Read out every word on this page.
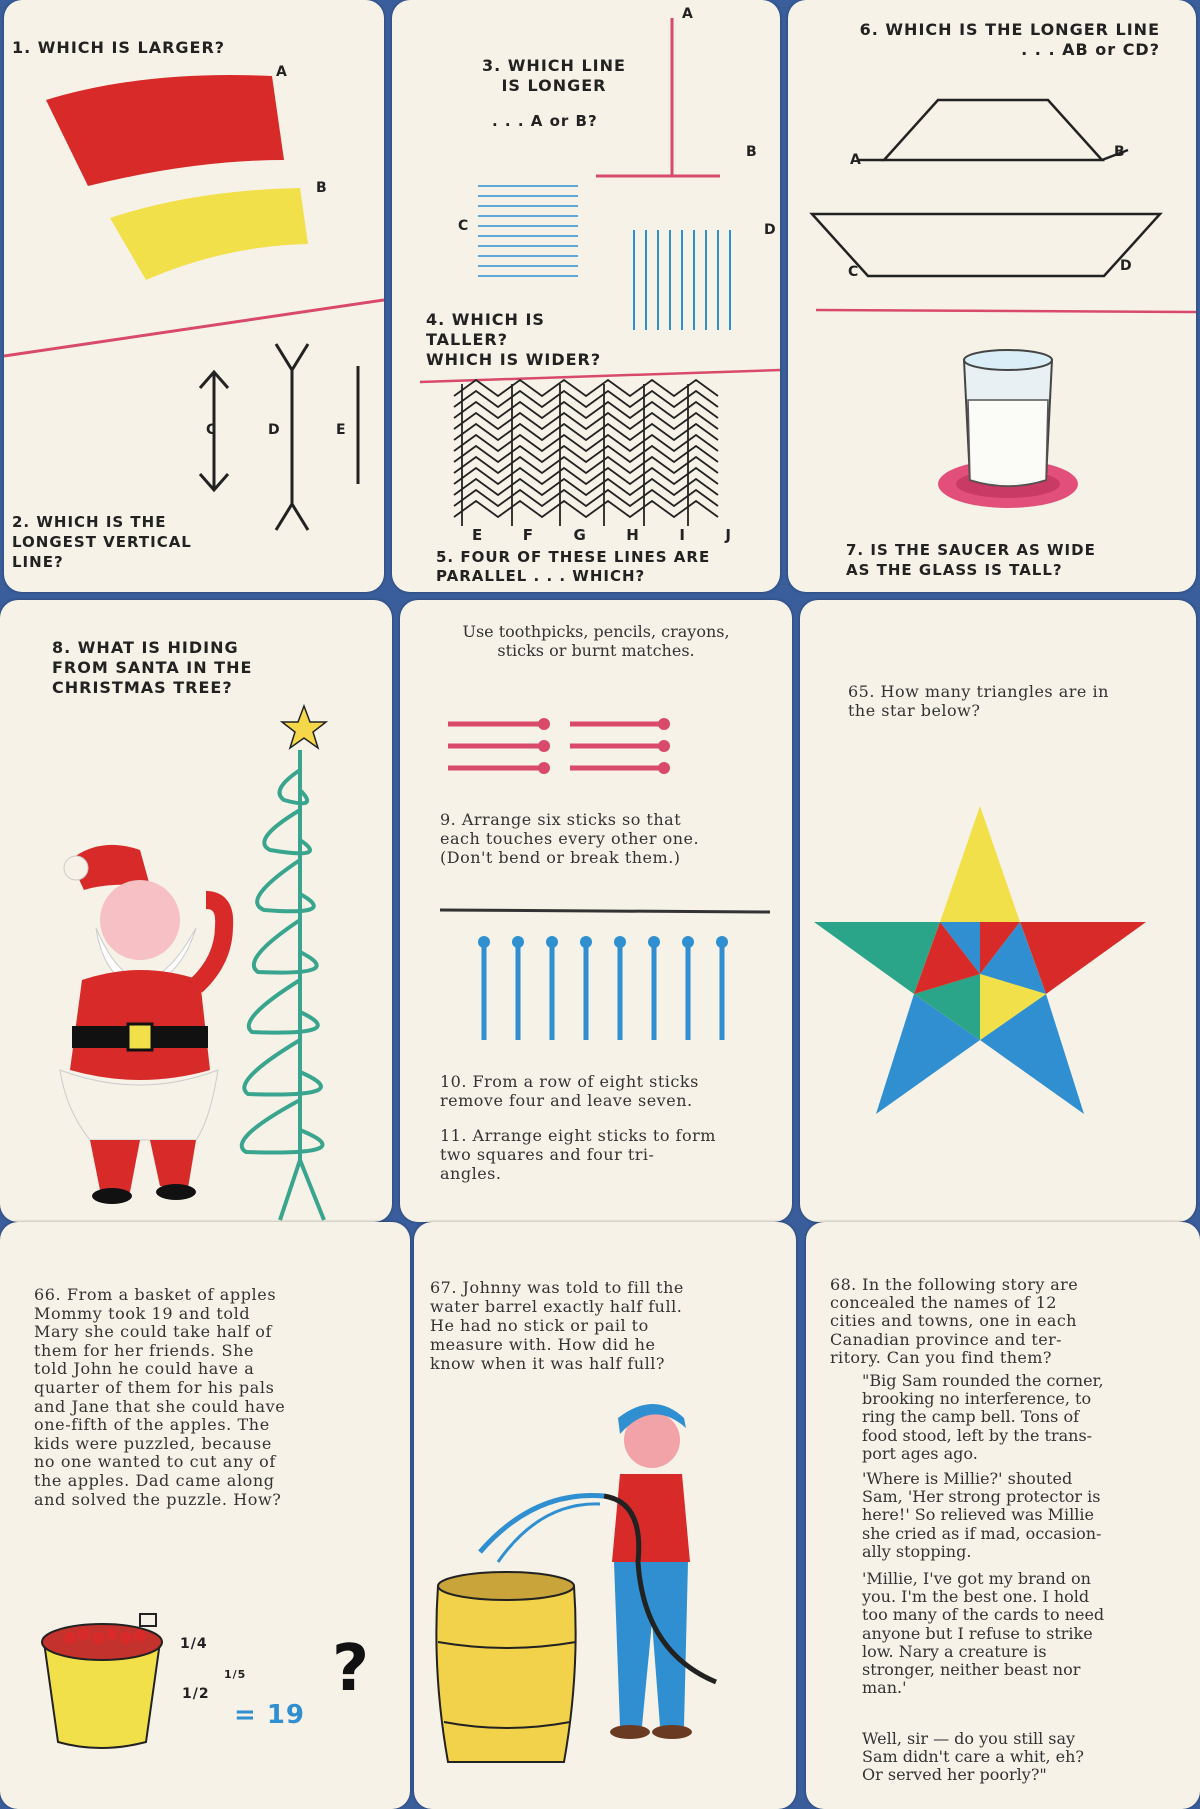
1. WHICH IS LARGER?
A
B
C	D	E
2. WHICH IS THE
LONGEST VERTICAL
LINE?
3. WHICH LINE
IS LONGER
. . . A or B?
A
B
C	D
4. WHICH IS
TALLER?
WHICH IS WIDER?
E	F	G	H	I	J
5. FOUR OF THESE LINES ARE
PARALLEL . . . WHICH?
6. WHICH IS THE LONGER LINE
. . . AB or CD?
A	B
C	D
7. IS THE SAUCER AS WIDE
AS THE GLASS IS TALL?
8. WHAT IS HIDING
FROM SANTA IN THE
CHRISTMAS TREE?
Use toothpicks, pencils, crayons,
sticks or burnt matches.
9. Arrange six sticks so that
each touches every other one.
(Don't bend or break them.)
10. From a row of eight sticks
remove four and leave seven.
11. Arrange eight sticks to form
two squares and four tri-
angles.
65. How many triangles are in
the star below?
66. From a basket of apples
Mommy took 19 and told
Mary she could take half of
them for her friends. She
told John he could have a
quarter of them for his pals
and Jane that she could have
one-fifth of the apples. The
kids were puzzled, because
no one wanted to cut any of
the apples. Dad came along
and solved the puzzle. How?
1/4
1/5
1/2
= 19
?
67. Johnny was told to fill the
water barrel exactly half full.
He had no stick or pail to
measure with. How did he
know when it was half full?
68. In the following story are
concealed the names of 12
cities and towns, one in each
Canadian province and ter-
ritory. Can you find them?
"Big Sam rounded the corner,
brooking no interference, to
ring the camp bell. Tons of
food stood, left by the trans-
port ages ago.
'Where is Millie?' shouted
Sam, 'Her strong protector is
here!' So relieved was Millie
she cried as if mad, occasion-
ally stopping.
'Millie, I've got my brand on
you. I'm the best one. I hold
too many of the cards to need
anyone but I refuse to strike
low. Nary a creature is
stronger, neither beast nor
man.'
Well, sir — do you still say
Sam didn't care a whit, eh?
Or served her poorly?"
